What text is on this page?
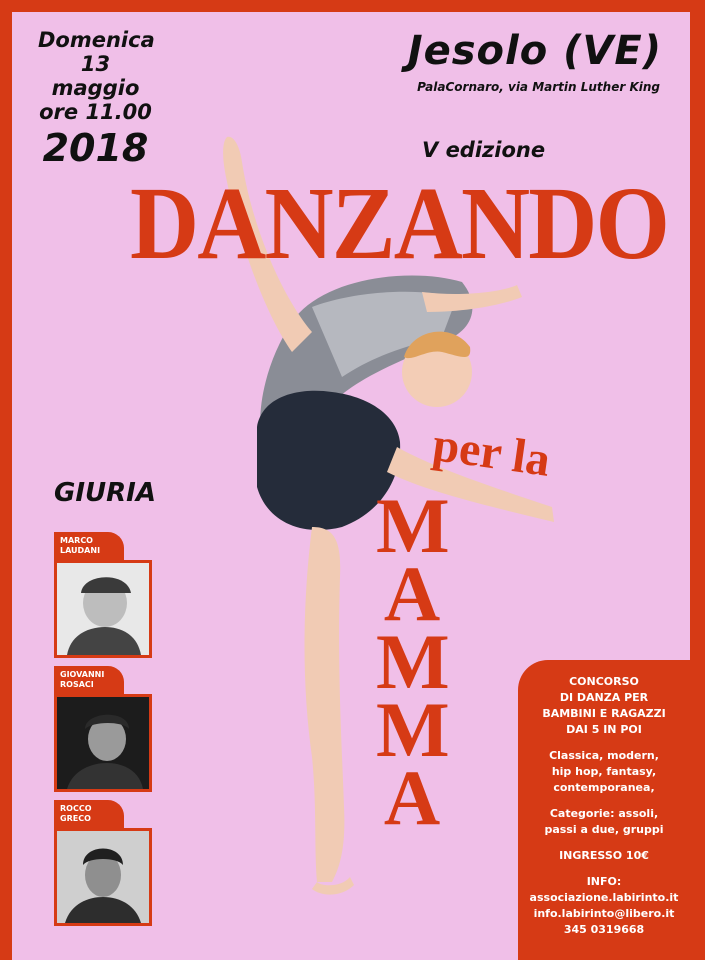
Domenica
13 maggio
ore 11.00
2018
Jesolo (VE)
PalaCornaro, via Martin Luther King
V edizione
DANZANDO
per la
M
A
M
M
A
GIURIA
MARCO
LAUDANI
GIOVANNI
ROSACI
ROCCO
GRECO
CONCORSO
DI DANZA PER
BAMBINI E RAGAZZI
DAI 5 IN POI
Classica, modern,
hip hop, fantasy,
contemporanea,
Categorie: assoli,
passi a due, gruppi
INGRESSO 10€
INFO:
associazione.labirinto.it
info.labirinto@libero.it
345 0319668
